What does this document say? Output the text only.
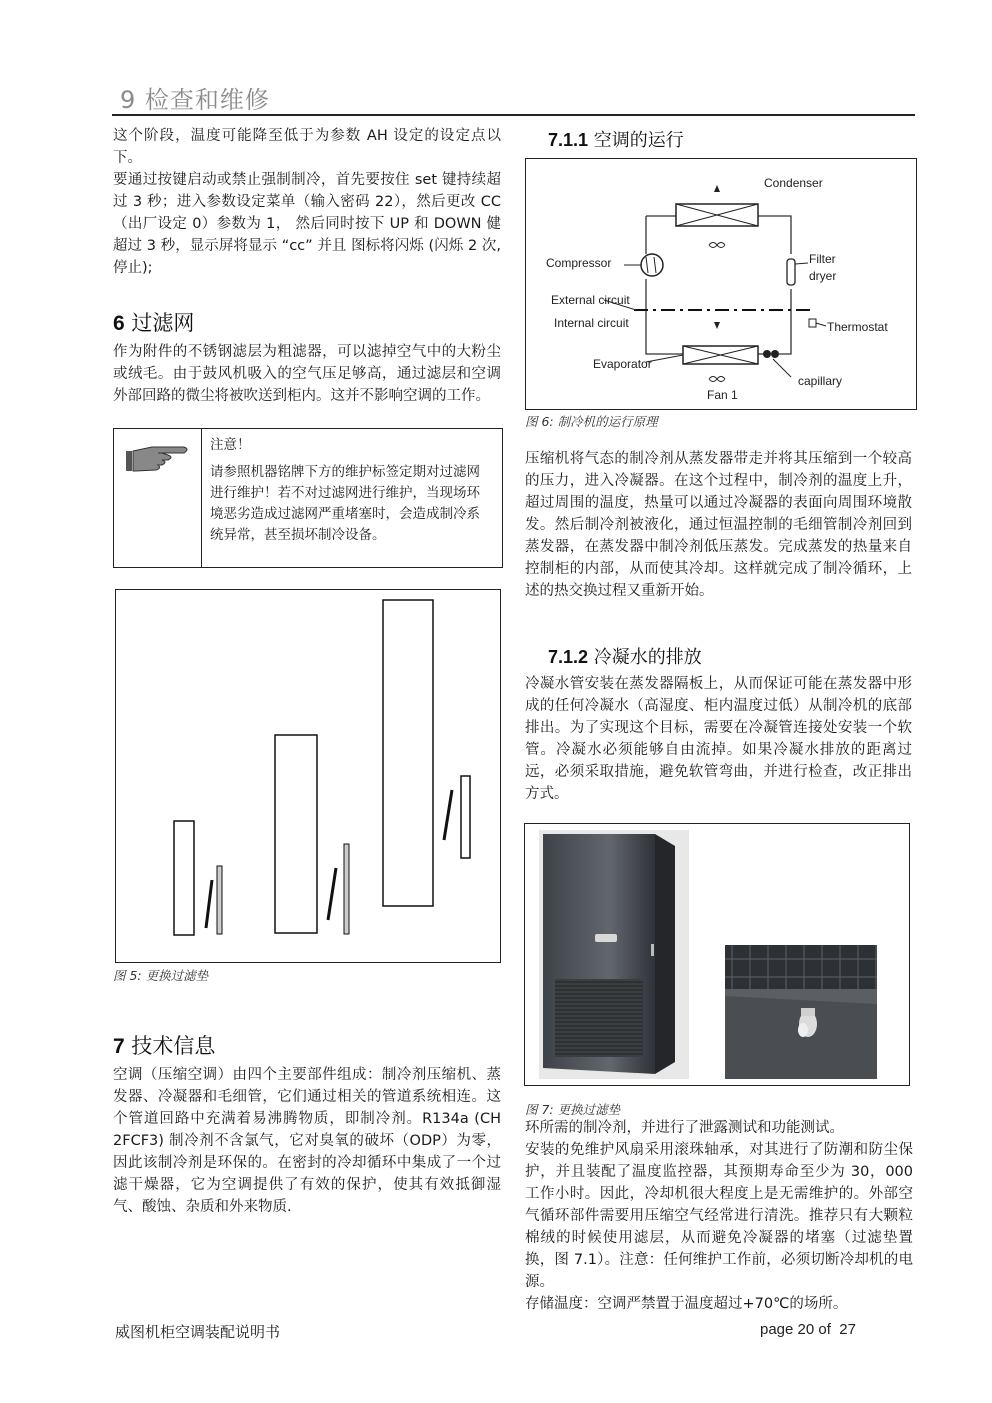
9 检查和维修

这个阶段，温度可能降至低于为参数 AH 设定的设定点以下。

要通过按键启动或禁止强制制冷，首先要按住 set 键持续超过 3 秒；进入参数设定菜单（输入密码 22），然后更改 CC（出厂设定 0）参数为 1， 然后同时按下 UP 和 DOWN 健超过 3 秒，显示屏将显示 “cc” 并且 图标将闪烁 (闪烁 2 次,停止);

6 过滤网
作为附件的不锈钢滤层为粗滤器，可以滤掉空气中的大粉尘或绒毛。由于鼓风机吸入的空气压足够高，通过滤层和空调外部回路的微尘将被吹送到柜内。这并不影响空调的工作。
注意！
请参照机器铭牌下方的维护标签定期对过滤网进行维护！若不对过滤网进行维护，当现场环境恶劣造成过滤网严重堵塞时，会造成制冷系统异常，甚至损坏制冷设备。
图 5: 更换过滤垫
7 技术信息
空调（压缩空调）由四个主要部件组成：制冷剂压缩机、蒸发器、冷凝器和毛细管，它们通过相关的管道系统相连。这个管道回路中充满着易沸腾物质，即制冷剂。R134a (CH 2FCF3) 制冷剂不含氯气，它对臭氧的破坏（ODP）为零，因此该制冷剂是环保的。在密封的冷却循环中集成了一个过滤干燥器，它为空调提供了有效的保护，使其有效抵御湿气、酸蚀、杂质和外来物质.
7.1.1 空调的运行
Condenser
Compressor	Filter
dryer
External circuit
Internal circuit	Thermostat
Evaporator
capillary
Fan 1
图 6: 制冷机的运行原理
压缩机将气态的制冷剂从蒸发器带走并将其压缩到一个较高的压力，进入冷凝器。在这个过程中，制冷剂的温度上升，超过周围的温度，热量可以通过冷凝器的表面向周围环境散发。然后制冷剂被液化，通过恒温控制的毛细管制冷剂回到蒸发器，在蒸发器中制冷剂低压蒸发。完成蒸发的热量来自控制柜的内部，从而使其冷却。这样就完成了制冷循环，上述的热交换过程又重新开始。
7.1.2 冷凝水的排放
冷凝水管安装在蒸发器隔板上，从而保证可能在蒸发器中形成的任何冷凝水（高湿度、柜内温度过低）从制冷机的底部排出。为了实现这个目标，需要在冷凝管连接处安装一个软管。冷凝水必须能够自由流掉。如果冷凝水排放的距离过远，必须采取措施，避免软管弯曲，并进行检查，改正排出方式。
图 7: 更换过滤垫

环所需的制冷剂，并进行了泄露测试和功能测试。

安装的免维护风扇采用滚珠轴承，对其进行了防潮和防尘保护，并且装配了温度监控器，其预期寿命至少为 30，000 工作小时。因此，冷却机很大程度上是无需维护的。外部空气循环部件需要用压缩空气经常进行清洗。推荐只有大颗粒棉绒的时候使用滤层，从而避免冷凝器的堵塞（过滤垫置换，图 7.1）。注意：任何维护工作前，必须切断冷却机的电源。

存储温度：空调严禁置于温度超过+70℃的场所。

威图机柜空调装配说明书	page 20 of  27
